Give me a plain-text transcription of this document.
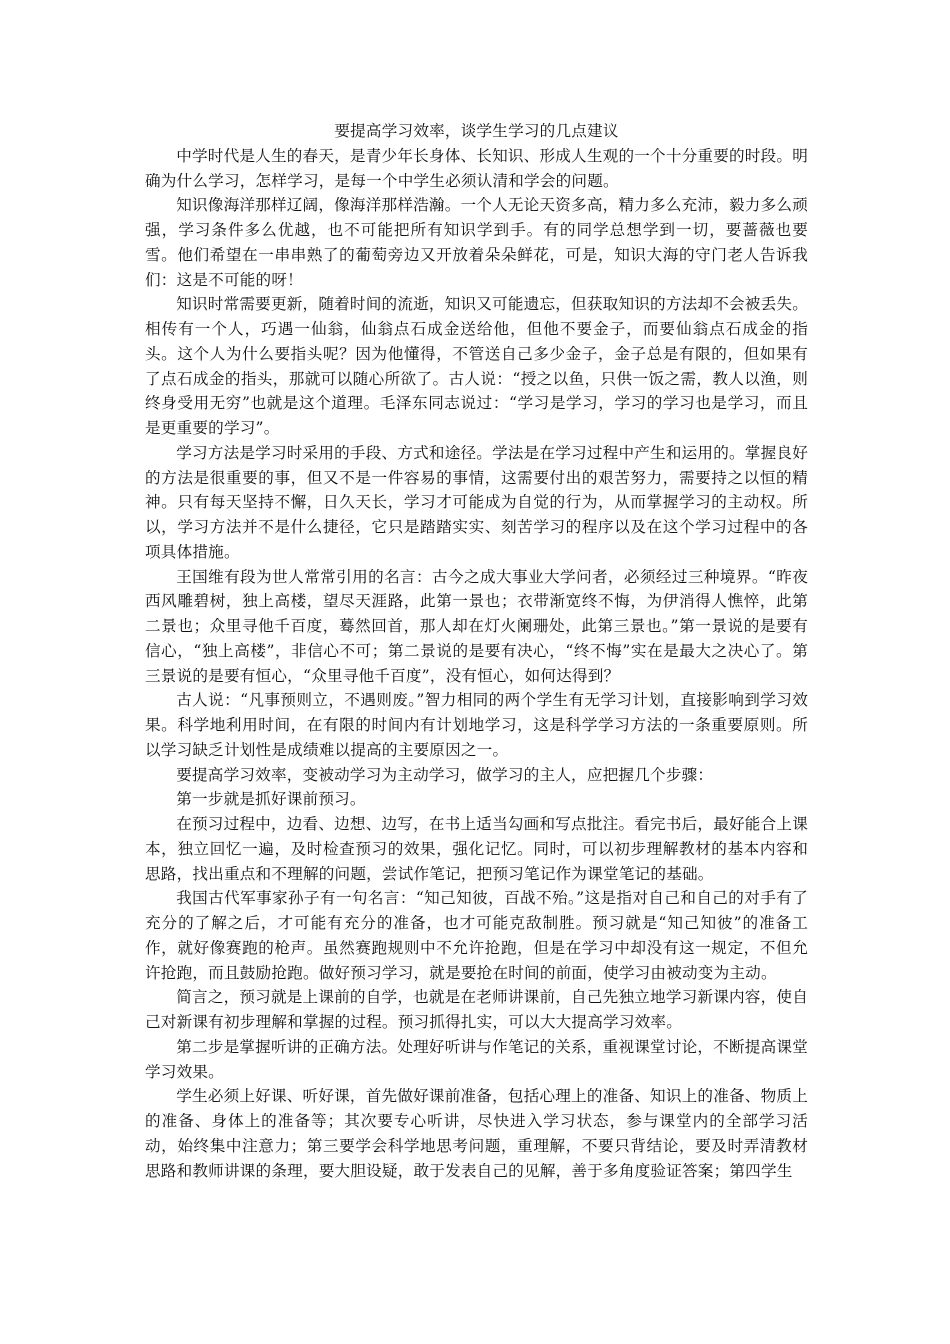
要提高学习效率，谈学生学习的几点建议

中学时代是人生的春天，是青少年长身体、长知识、形成人生观的一个十分重要的时段。明确为什么学习，怎样学习，是每一个中学生必须认清和学会的问题。

知识像海洋那样辽阔，像海洋那样浩瀚。一个人无论天资多高，精力多么充沛，毅力多么顽强，学习条件多么优越，也不可能把所有知识学到手。有的同学总想学到一切，要蔷薇也要雪。他们希望在一串串熟了的葡萄旁边又开放着朵朵鲜花，可是，知识大海的守门老人告诉我们：这是不可能的呀！

知识时常需要更新，随着时间的流逝，知识又可能遗忘，但获取知识的方法却不会被丢失。相传有一个人，巧遇一仙翁，仙翁点石成金送给他，但他不要金子，而要仙翁点石成金的指头。这个人为什么要指头呢？因为他懂得，不管送自己多少金子，金子总是有限的，但如果有了点石成金的指头，那就可以随心所欲了。古人说：“授之以鱼，只供一饭之需，教人以渔，则终身受用无穷”也就是这个道理。毛泽东同志说过：“学习是学习，学习的学习也是学习，而且是更重要的学习”。

学习方法是学习时采用的手段、方式和途径。学法是在学习过程中产生和运用的。掌握良好的方法是很重要的事，但又不是一件容易的事情，这需要付出的艰苦努力，需要持之以恒的精神。只有每天坚持不懈，日久天长，学习才可能成为自觉的行为，从而掌握学习的主动权。所以，学习方法并不是什么捷径，它只是踏踏实实、刻苦学习的程序以及在这个学习过程中的各项具体措施。

王国维有段为世人常常引用的名言：古今之成大事业大学问者，必须经过三种境界。“昨夜西风雕碧树，独上高楼，望尽天涯路，此第一景也；衣带渐宽终不悔，为伊消得人憔悴，此第二景也；众里寻他千百度，蓦然回首，那人却在灯火阑珊处，此第三景也。”第一景说的是要有信心，“独上高楼”，非信心不可；第二景说的是要有决心，“终不悔”实在是最大之决心了。第三景说的是要有恒心，“众里寻他千百度”，没有恒心，如何达得到？

古人说：“凡事预则立，不遇则废。”智力相同的两个学生有无学习计划，直接影响到学习效果。科学地利用时间，在有限的时间内有计划地学习，这是科学学习方法的一条重要原则。所以学习缺乏计划性是成绩难以提高的主要原因之一。

要提高学习效率，变被动学习为主动学习，做学习的主人，应把握几个步骤：

第一步就是抓好课前预习。

在预习过程中，边看、边想、边写，在书上适当勾画和写点批注。看完书后，最好能合上课本，独立回忆一遍，及时检查预习的效果，强化记忆。同时，可以初步理解教材的基本内容和思路，找出重点和不理解的问题，尝试作笔记，把预习笔记作为课堂笔记的基础。

我国古代军事家孙子有一句名言：“知己知彼，百战不殆。”这是指对自己和自己的对手有了充分的了解之后，才可能有充分的准备，也才可能克敌制胜。预习就是“知己知彼”的准备工作，就好像赛跑的枪声。虽然赛跑规则中不允许抢跑，但是在学习中却没有这一规定，不但允许抢跑，而且鼓励抢跑。做好预习学习，就是要抢在时间的前面，使学习由被动变为主动。

简言之，预习就是上课前的自学，也就是在老师讲课前，自己先独立地学习新课内容，使自己对新课有初步理解和掌握的过程。预习抓得扎实，可以大大提高学习效率。

第二步是掌握听讲的正确方法。处理好听讲与作笔记的关系，重视课堂讨论，不断提高课堂学习效果。

学生必须上好课、听好课，首先做好课前准备，包括心理上的准备、知识上的准备、物质上的准备、身体上的准备等；其次要专心听讲，尽快进入学习状态，参与课堂内的全部学习活动，始终集中注意力；第三要学会科学地思考问题，重理解，不要只背结论，要及时弄清教材思路和教师讲课的条理，要大胆设疑，敢于发表自己的见解，善于多角度验证答案；第四学生
